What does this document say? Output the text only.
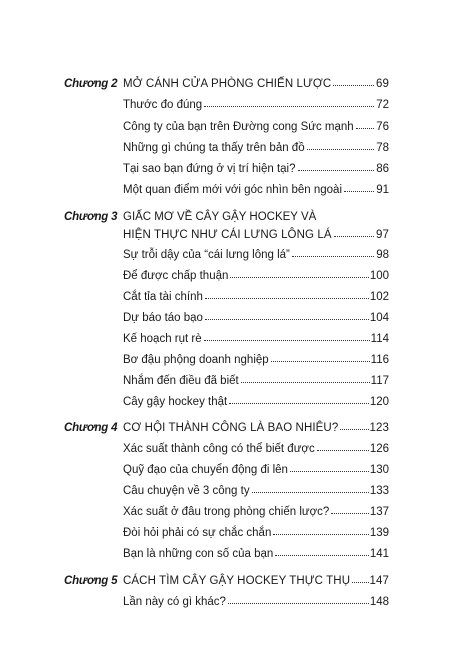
Chương 2 MỞ CÁNH CỬA PHÒNG CHIẾN LƯỢC	69
Thước đo đúng	72
Công ty của bạn trên Đường cong Sức mạnh 76
Những gì chúng ta thấy trên bản đồ	78
Tại sao bạn đứng ở vị trí hiện tại?	86
Một quan điểm mới với góc nhìn bên ngoài	91
Chương 3 GIẤC MƠ VỀ CÂY GẬY HOCKEY VÀ
HIỆN THỰC NHƯ CÁI LƯNG LÔNG LÁ	97
Sự trỗi dậy của “cái lưng lông lá”	98
Để được chấp thuận	100
Cắt tỉa tài chính	102
Dự báo táo bạo	104
Kế hoạch rụt rè	114
Bơ đậu phộng doanh nghiệp	116
Nhắm đến điều đã biết	117
Cây gậy hockey thật	120
Chương 4 CƠ HỘI THÀNH CÔNG LÀ BAO NHIÊU?	123
Xác suất thành công có thể biết được	126
Quỹ đạo của chuyển động đi lên	130
Câu chuyện về 3 công ty	133
Xác suất ở đâu trong phòng chiến lược?	137
Đòi hỏi phải có sự chắc chắn	139
Bạn là những con số của bạn	141
Chương 5 CÁCH TÌM CÂY GẬY HOCKEY THỰC THỤ 147
Lần này có gì khác?	148
